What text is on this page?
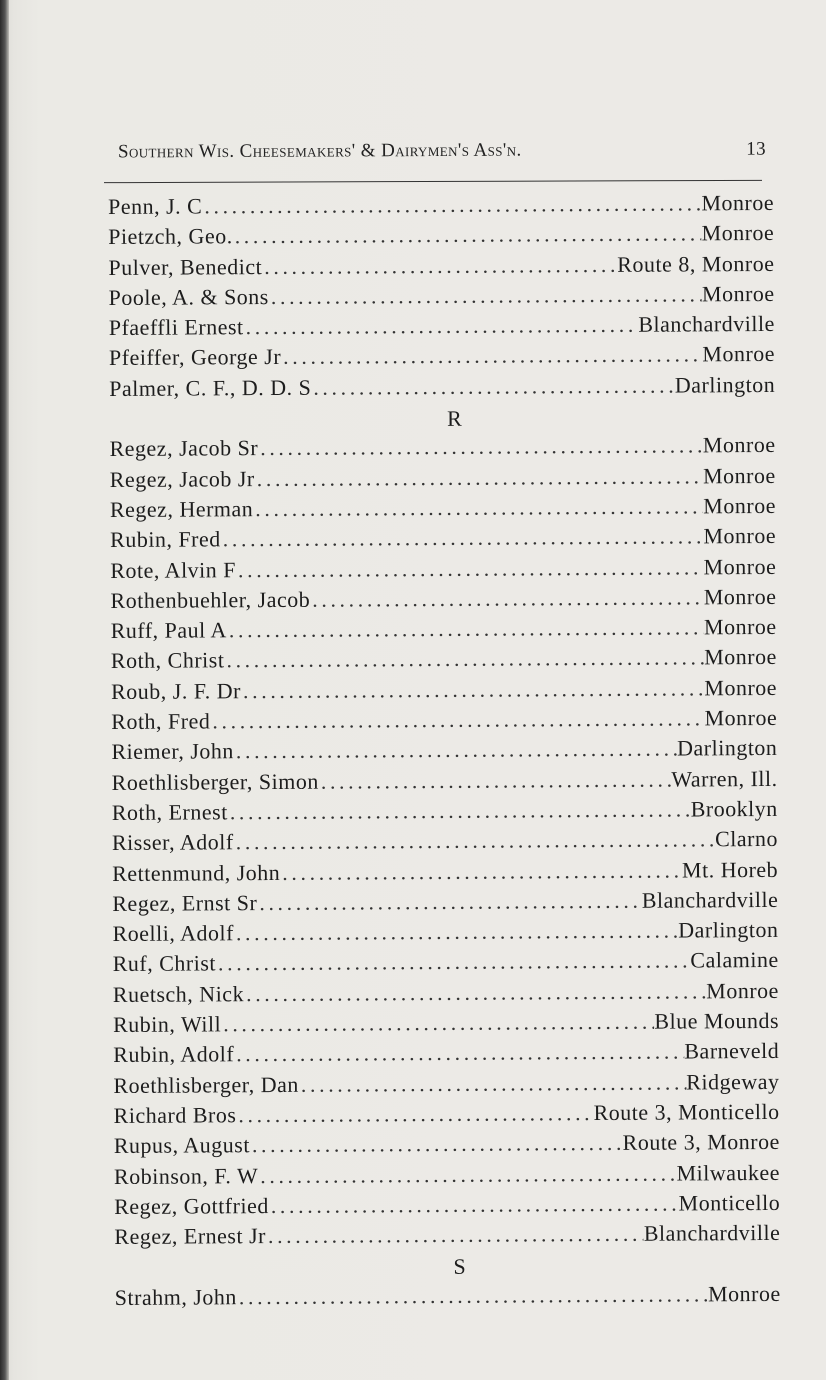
Southern Wis. Cheesemakers' & Dairymen's Ass'n.	13
Penn, J. C .....	Monroe
Pietzch, Geo. .....	Monroe
Pulver, Benedict .....	Route 8, Monroe
Poole, A. & Sons .....	Monroe
Pfaeffli Ernest .....	Blanchardville
Pfeiffer, George Jr .....	Monroe
Palmer, C. F., D. D. S .....	Darlington
R
Regez, Jacob Sr .....	Monroe
Regez, Jacob Jr .....	Monroe
Regez, Herman .....	Monroe
Rubin, Fred .....	Monroe
Rote, Alvin F .....	Monroe
Rothenbuehler, Jacob .....	Monroe
Ruff, Paul A .....	Monroe
Roth, Christ .....	Monroe
Roub, J. F. Dr .....	Monroe
Roth, Fred .....	Monroe
Riemer, John .....	Darlington
Roethlisberger, Simon .....	Warren, Ill.
Roth, Ernest .....	Brooklyn
Risser, Adolf .....	Clarno
Rettenmund, John .....	Mt. Horeb
Regez, Ernst Sr .....	Blanchardville
Roelli, Adolf .....	Darlington
Ruf, Christ .....	Calamine
Ruetsch, Nick .....	Monroe
Rubin, Will .....	Blue Mounds
Rubin, Adolf .....	Barneveld
Roethlisberger, Dan .....	Ridgeway
Richard Bros .....	Route 3, Monticello
Rupus, August .....	Route 3, Monroe
Robinson, F. W .....	Milwaukee
Regez, Gottfried .....	Monticello
Regez, Ernest Jr .....	Blanchardville
S
Strahm, John .....	Monroe
